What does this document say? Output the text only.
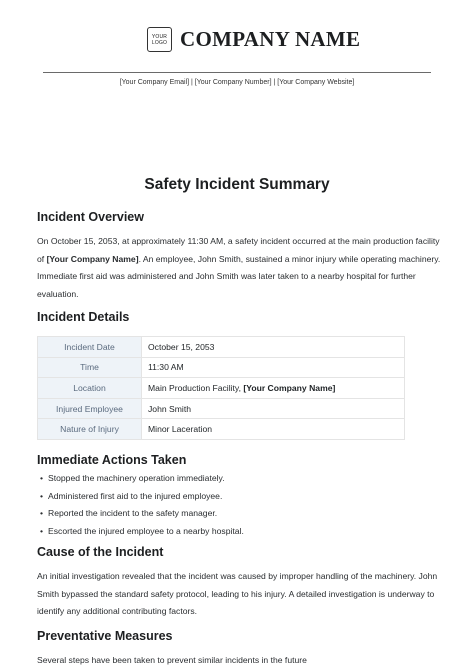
YOUR LOGO COMPANY NAME
[Your Company Email] | [Your Company Number] | [Your Company Website]
Safety Incident Summary
Incident Overview

On October 15, 2053, at approximately 11:30 AM, a safety incident occurred at the main production facility of [Your Company Name]. An employee, John Smith, sustained a minor injury while operating machinery. Immediate first aid was administered and John Smith was later taken to a nearby hospital for further evaluation.

Incident Details
Incident Date	October 15, 2053
Time	11:30 AM
Location	Main Production Facility, [Your Company Name]
Injured Employee	John Smith
Nature of Injury	Minor Laceration
Immediate Actions Taken
• Stopped the machinery operation immediately.
• Administered first aid to the injured employee.
• Reported the incident to the safety manager.
• Escorted the injured employee to a nearby hospital.
Cause of the Incident

An initial investigation revealed that the incident was caused by improper handling of the machinery. John Smith bypassed the standard safety protocol, leading to his injury. A detailed investigation is underway to identify any additional contributing factors.

Preventative Measures

Several steps have been taken to prevent similar incidents in the future
